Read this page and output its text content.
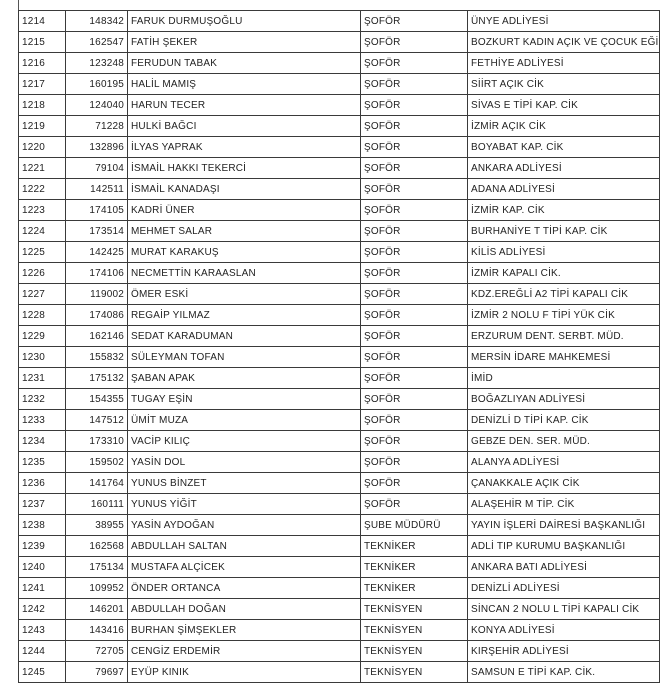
1214	148342	FARUK DURMUŞOĞLU	ŞOFÖR	ÜNYE ADLİYESİ
1215	162547	FATİH ŞEKER	ŞOFÖR	BOZKURT KADIN AÇIK VE ÇOCUK EĞİ
1216	123248	FERUDUN TABAK	ŞOFÖR	FETHİYE ADLİYESİ
1217	160195	HALİL MAMIŞ	ŞOFÖR	SİİRT AÇIK CİK
1218	124040	HARUN TECER	ŞOFÖR	SİVAS E TİPİ KAP. CİK
1219	71228	HULKİ BAĞCI	ŞOFÖR	İZMİR AÇIK CİK
1220	132896	İLYAS YAPRAK	ŞOFÖR	BOYABAT KAP. CİK
1221	79104	İSMAİL HAKKI TEKERCİ	ŞOFÖR	ANKARA ADLİYESİ
1222	142511	İSMAİL KANADAŞI	ŞOFÖR	ADANA ADLİYESİ
1223	174105	KADRİ ÜNER	ŞOFÖR	İZMİR KAP. CİK
1224	173514	MEHMET SALAR	ŞOFÖR	BURHANİYE T TİPİ KAP. CİK
1225	142425	MURAT KARAKUŞ	ŞOFÖR	KİLİS ADLİYESİ
1226	174106	NECMETTİN KARAASLAN	ŞOFÖR	İZMİR KAPALI CİK.
1227	119002	ÖMER ESKİ	ŞOFÖR	KDZ.EREĞLİ A2 TİPİ KAPALI CİK
1228	174086	REGAİP YILMAZ	ŞOFÖR	İZMİR 2 NOLU F TİPİ YÜK CİK
1229	162146	SEDAT KARADUMAN	ŞOFÖR	ERZURUM DENT. SERBT. MÜD.
1230	155832	SÜLEYMAN TOFAN	ŞOFÖR	MERSİN İDARE MAHKEMESİ
1231	175132	ŞABAN APAK	ŞOFÖR	İMİD
1232	154355	TUGAY EŞİN	ŞOFÖR	BOĞAZLIYAN ADLİYESİ
1233	147512	ÜMİT MUZA	ŞOFÖR	DENİZLİ D TİPİ KAP. CİK
1234	173310	VACİP KILIÇ	ŞOFÖR	GEBZE DEN. SER. MÜD.
1235	159502	YASİN DOL	ŞOFÖR	ALANYA ADLİYESİ
1236	141764	YUNUS BİNZET	ŞOFÖR	ÇANAKKALE AÇIK CİK
1237	160111	YUNUS YİĞİT	ŞOFÖR	ALAŞEHİR M TİP. CİK
1238	38955	YASİN AYDOĞAN	ŞUBE MÜDÜRÜ	YAYIN İŞLERİ DAİRESİ BAŞKANLIĞI
1239	162568	ABDULLAH SALTAN	TEKNİKER	ADLİ TIP KURUMU BAŞKANLIĞI
1240	175134	MUSTAFA ALÇİCEK	TEKNİKER	ANKARA BATI ADLİYESİ
1241	109952	ÖNDER ORTANCA	TEKNİKER	DENİZLİ ADLİYESİ
1242	146201	ABDULLAH DOĞAN	TEKNİSYEN	SİNCAN 2 NOLU L TİPİ KAPALI CİK
1243	143416	BURHAN ŞİMŞEKLER	TEKNİSYEN	KONYA ADLİYESİ
1244	72705	CENGİZ ERDEMİR	TEKNİSYEN	KIRŞEHİR ADLİYESİ
1245	79697	EYÜP KINIK	TEKNİSYEN	SAMSUN E TİPİ KAP. CİK.
